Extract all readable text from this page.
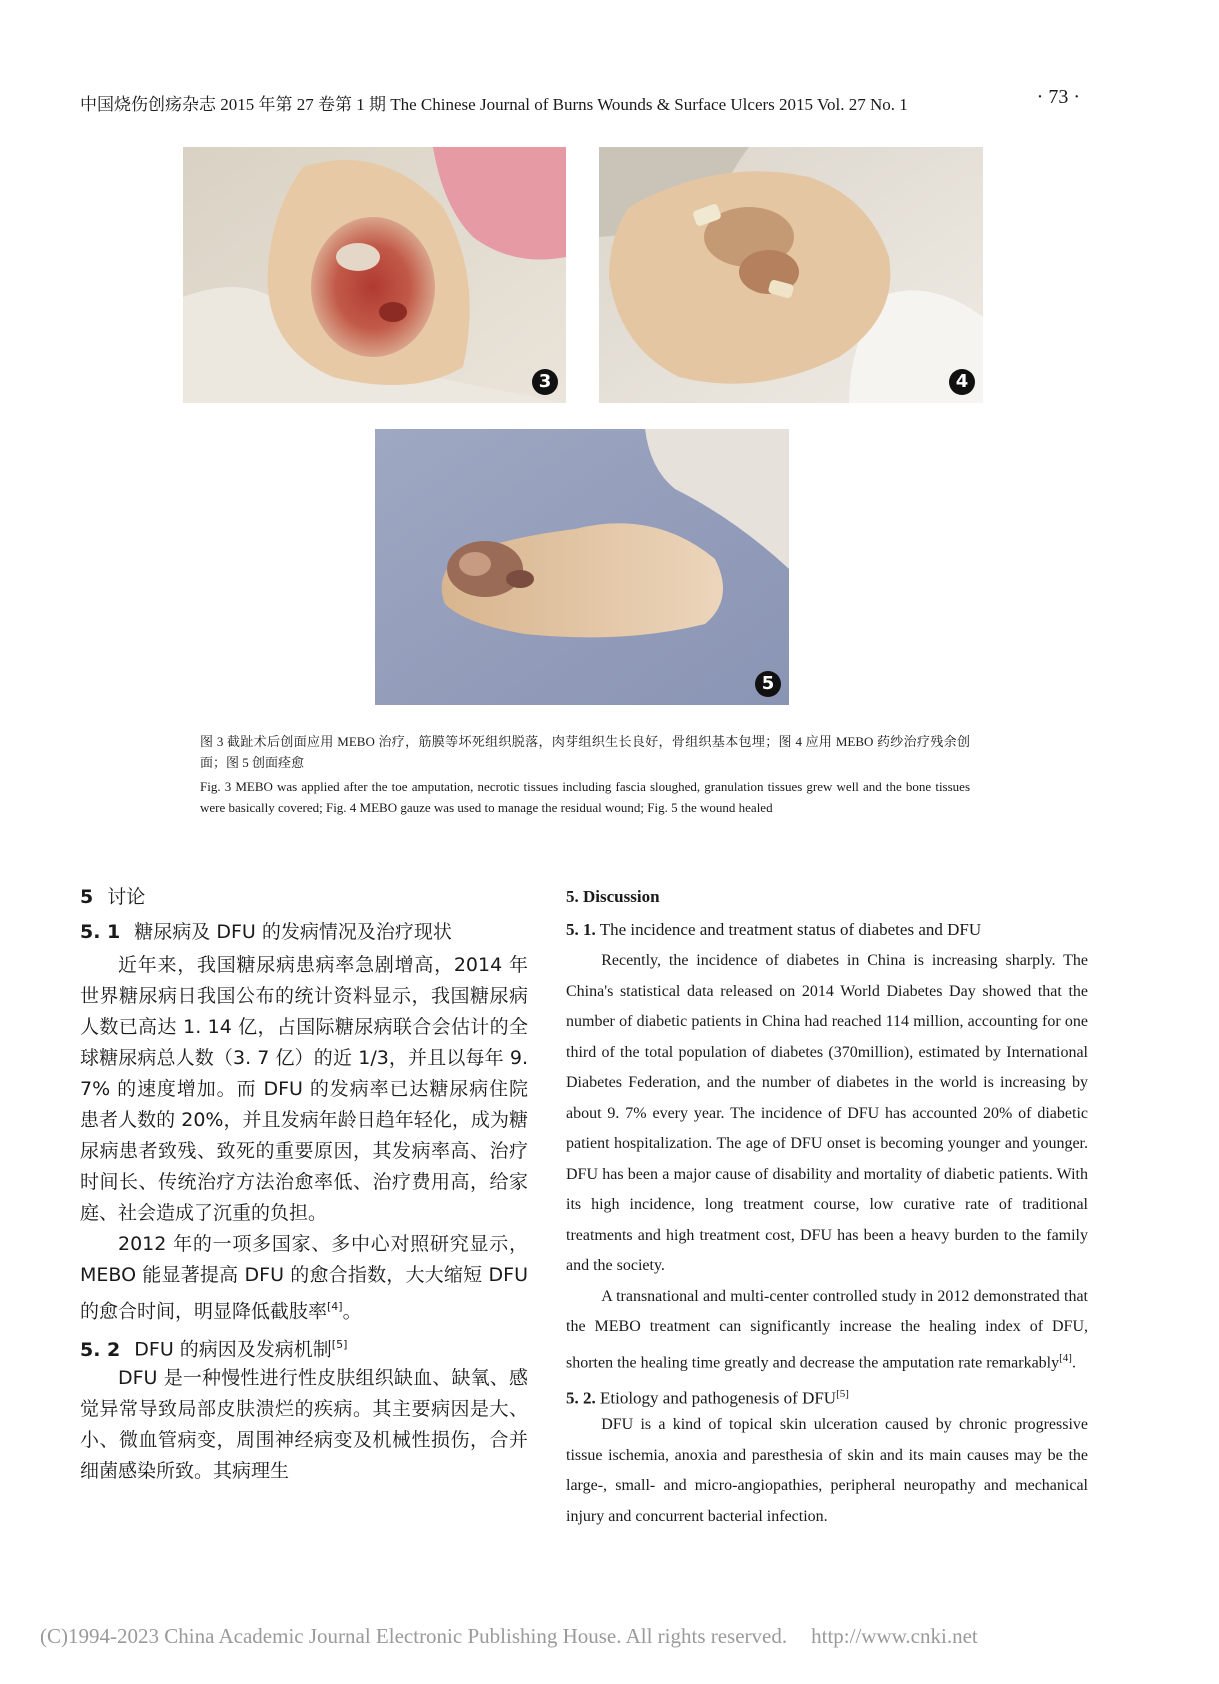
中国烧伤创疡杂志 2015 年第 27 卷第 1 期 The Chinese Journal of Burns Wounds & Surface Ulcers 2015 Vol. 27 No. 1	· 73 ·
3	4
5
图 3 截趾术后创面应用 MEBO 治疗，筋膜等坏死组织脱落，肉芽组织生长良好，骨组织基本包埋；图 4 应用 MEBO 药纱治疗残余创面；图 5 创面痊愈
Fig. 3 MEBO was applied after the toe amputation, necrotic tissues including fascia sloughed, granulation tissues grew well and the bone tissues were basically covered; Fig. 4 MEBO gauze was used to manage the residual wound; Fig. 5 the wound healed
5 讨论
5. 1 糖尿病及 DFU 的发病情况及治疗现状

近年来，我国糖尿病患病率急剧增高，2014 年世界糖尿病日我国公布的统计资料显示，我国糖尿病人数已高达 1. 14 亿，占国际糖尿病联合会估计的全球糖尿病总人数（3. 7 亿）的近 1/3，并且以每年 9. 7% 的速度增加。而 DFU 的发病率已达糖尿病住院患者人数的 20%，并且发病年龄日趋年轻化，成为糖尿病患者致残、致死的重要原因，其发病率高、治疗时间长、传统治疗方法治愈率低、治疗费用高，给家庭、社会造成了沉重的负担。

2012 年的一项多国家、多中心对照研究显示，MEBO 能显著提高 DFU 的愈合指数，大大缩短 DFU 的愈合时间，明显降低截肢率[4]。

5. 2 DFU 的病因及发病机制[5]

DFU 是一种慢性进行性皮肤组织缺血、缺氧、感觉异常导致局部皮肤溃烂的疾病。其主要病因是大、小、微血管病变，周围神经病变及机械性损伤，合并细菌感染所致。其病理生

5. Discussion
5. 1. The incidence and treatment status of diabetes and DFU

Recently, the incidence of diabetes in China is increasing sharply. The China's statistical data released on 2014 World Diabetes Day showed that the number of diabetic patients in China had reached 114 million, accounting for one third of the total population of diabetes (370million), estimated by International Diabetes Federation, and the number of diabetes in the world is increasing by about 9. 7% every year. The incidence of DFU has accounted 20% of diabetic patient hospitalization. The age of DFU onset is becoming younger and younger. DFU has been a major cause of disability and mortality of diabetic patients. With its high incidence, long treatment course, low curative rate of traditional treatments and high treatment cost, DFU has been a heavy burden to the family and the society.

A transnational and multi-center controlled study in 2012 demonstrated that the MEBO treatment can significantly increase the healing index of DFU, shorten the healing time greatly and decrease the amputation rate remarkably[4].

5. 2. Etiology and pathogenesis of DFU[5]

DFU is a kind of topical skin ulceration caused by chronic progressive tissue ischemia, anoxia and paresthesia of skin and its main causes may be the large-, small- and micro-angiopathies, peripheral neuropathy and mechanical injury and concurrent bacterial infection.

(C)1994-2023 China Academic Journal Electronic Publishing House. All rights reserved. http://www.cnki.net
